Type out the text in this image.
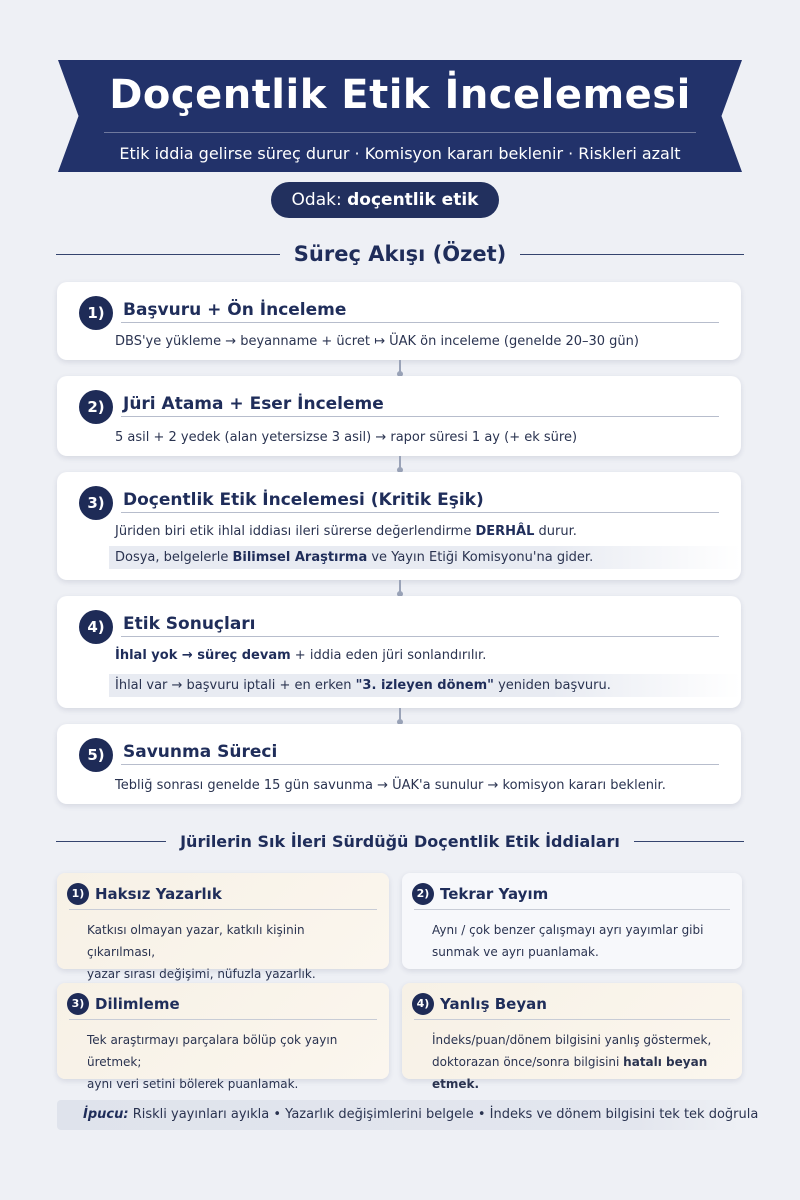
Doçentlik Etik İncelemesi
Etik iddia gelirse süreç durur · Komisyon kararı beklenir · Riskleri azalt
Odak: doçentlik etik
Süreç Akışı (Özet)
1)	Başvuru + Ön İnceleme
DBS'ye yükleme → beyanname + ücret ↦ ÜAK ön inceleme (genelde 20–30 gün)
2)	Jüri Atama + Eser İnceleme
5 asil + 2 yedek (alan yetersizse 3 asil) → rapor süresi 1 ay (+ ek süre)
3)	Doçentlik Etik İncelemesi (Kritik Eşik)
Jüriden biri etik ihlal iddiası ileri sürerse değerlendirme DERHÂL durur.
Dosya, belgelerle Bilimsel Araştırma ve Yayın Etiği Komisyonu'na gider.
4)	Etik Sonuçları
İhlal yok → süreç devam + iddia eden jüri sonlandırılır.
İhlal var → başvuru iptali + en erken "3. izleyen dönem" yeniden başvuru.
5)	Savunma Süreci
Tebliğ sonrası genelde 15 gün savunma → ÜAK'a sunulur → komisyon kararı beklenir.
Jürilerin Sık İleri Sürdüğü Doçentlik Etik İddiaları
1) Haksız Yazarlık
Katkısı olmayan yazar, katkılı kişinin çıkarılması,
yazar sırası değişimi, nüfuzla yazarlık.
2) Tekrar Yayım
Aynı / çok benzer çalışmayı ayrı yayımlar gibi
sunmak ve ayrı puanlamak.
3) Dilimleme
Tek araştırmayı parçalara bölüp çok yayın üretmek;
aynı veri setini bölerek puanlamak.
4) Yanlış Beyan
İndeks/puan/dönem bilgisini yanlış göstermek,
doktorazan önce/sonra bilgisini hatalı beyan etmek.
İpucu: Riskli yayınları ayıkla • Yazarlık değişimlerini belgele • İndeks ve dönem bilgisini tek tek doğrula
